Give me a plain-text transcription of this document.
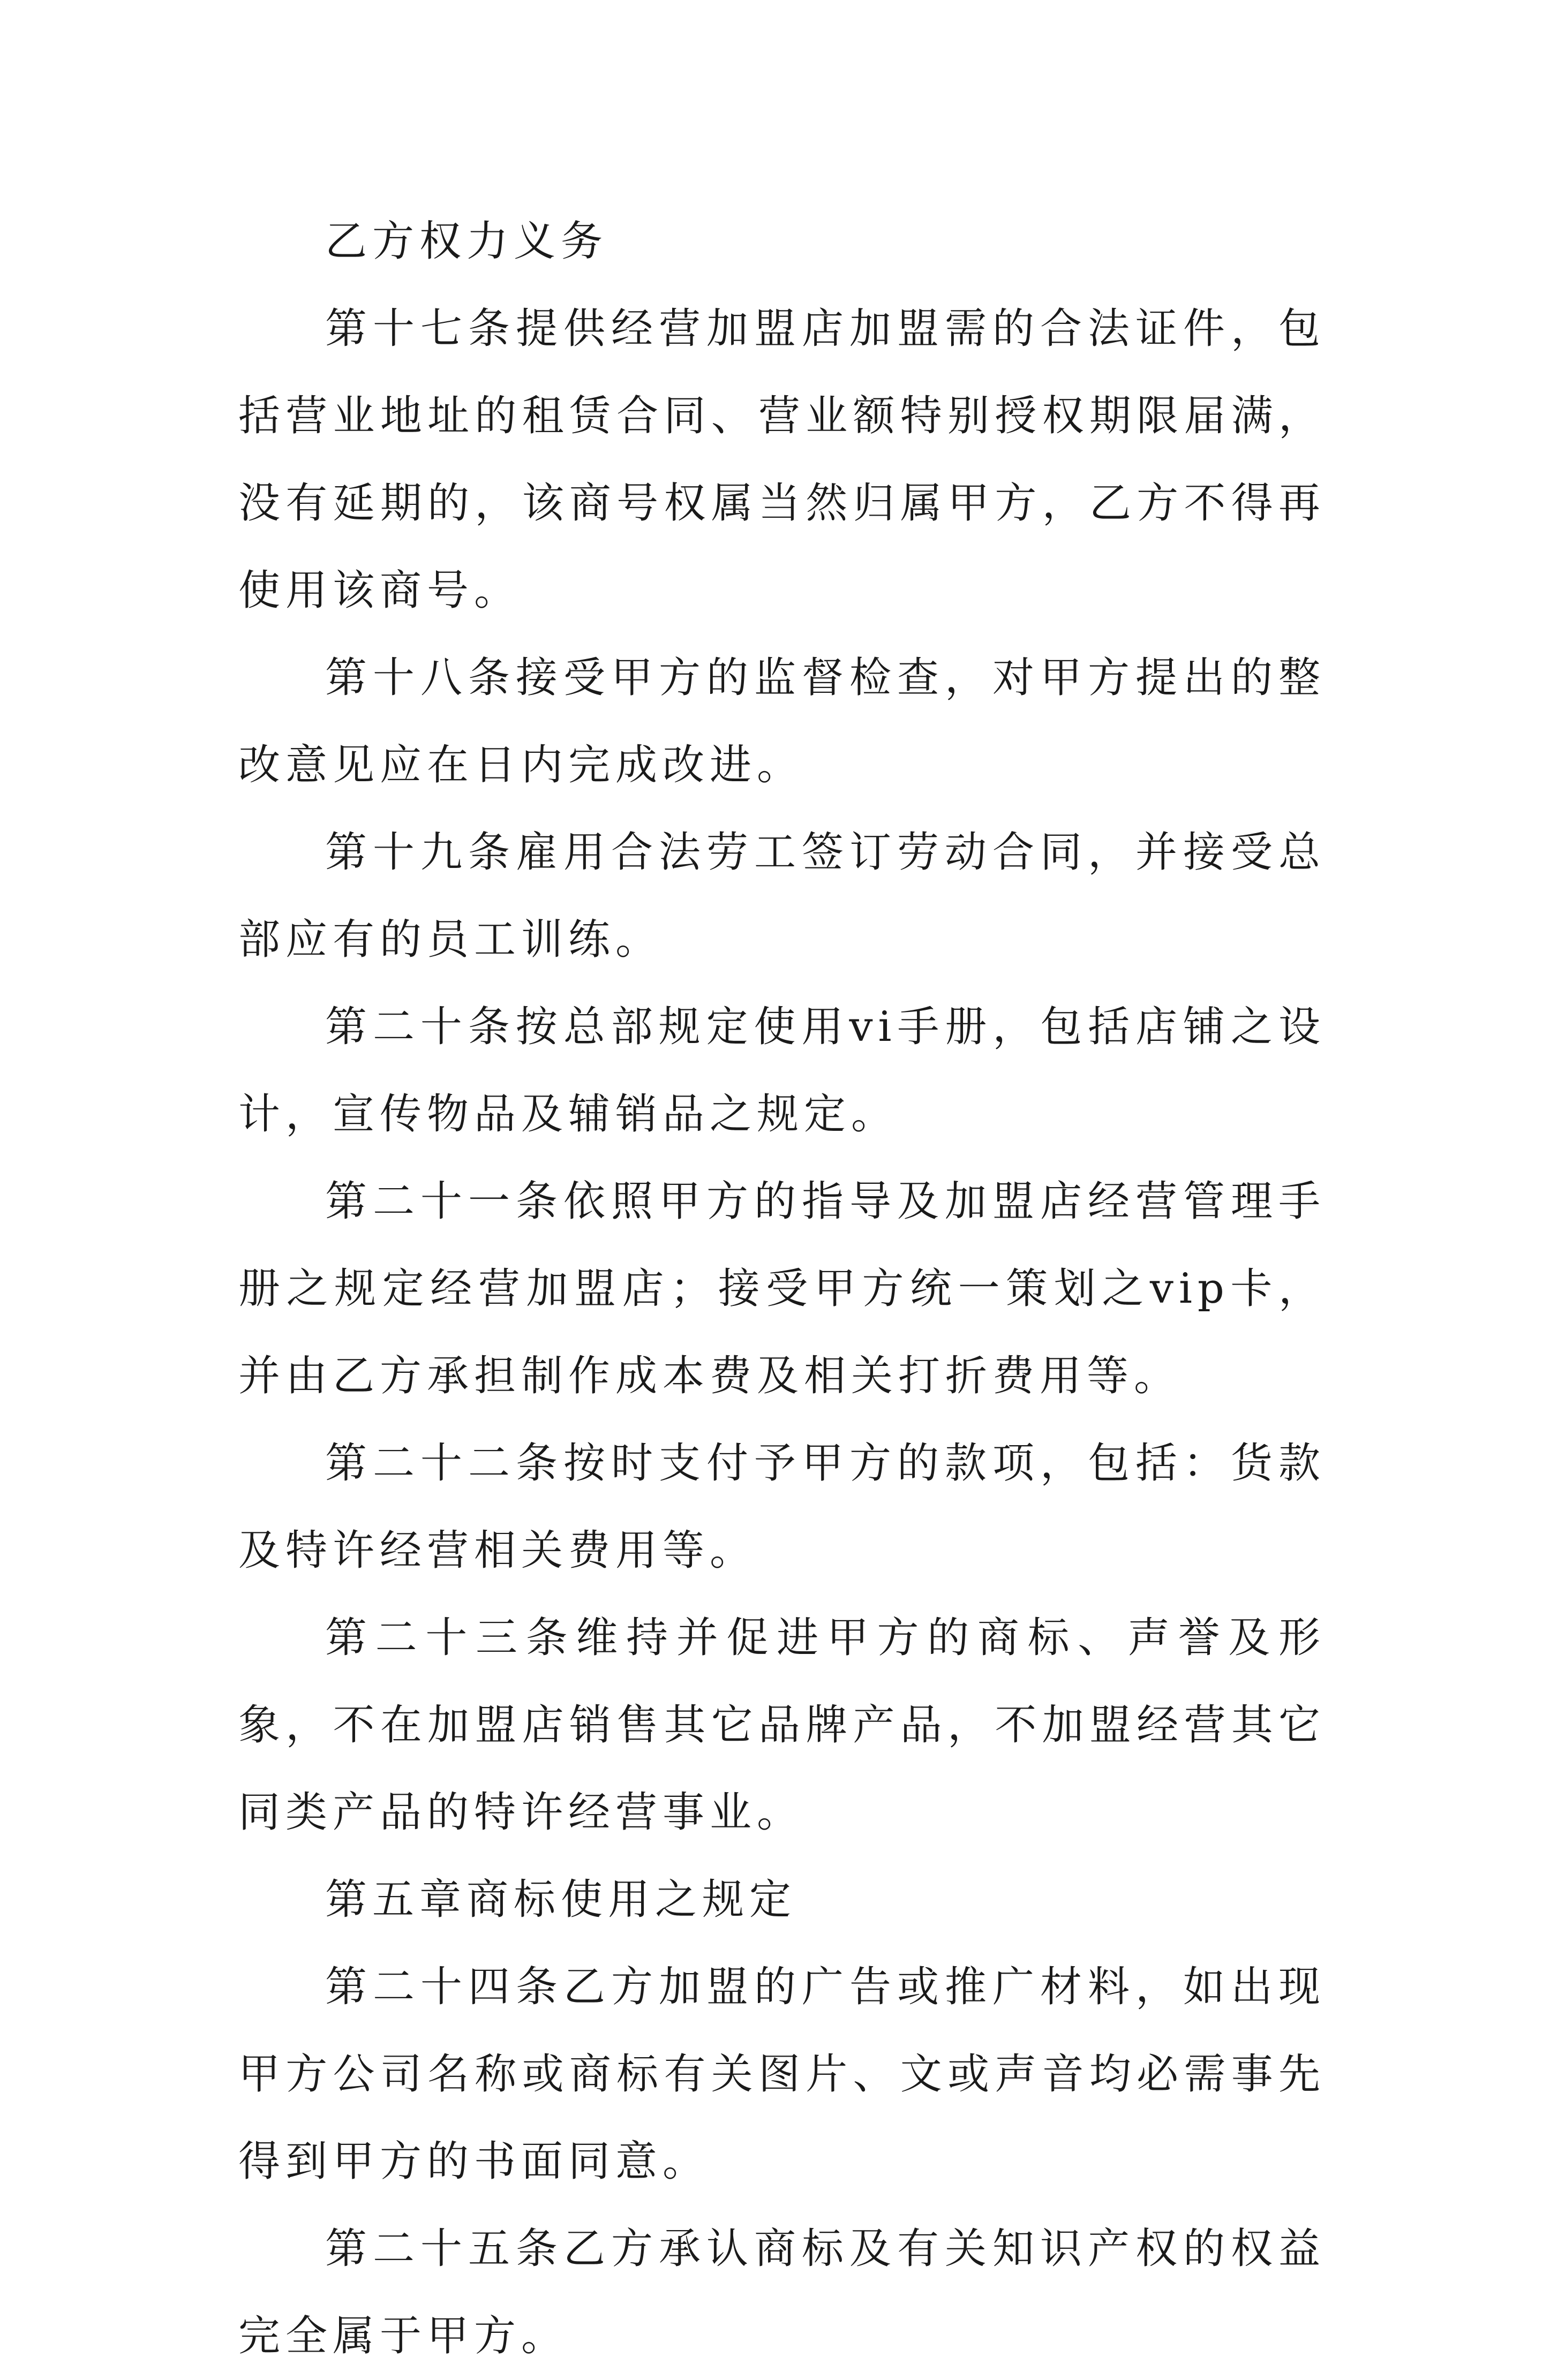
乙方权力义务

第十七条提供经营加盟店加盟需的合法证件，包括营业地址的租赁合同、营业额特别授权期限届满，没有延期的，该商号权属当然归属甲方，乙方不得再使用该商号。

第十八条接受甲方的监督检查，对甲方提出的整改意见应在日内完成改进。

第十九条雇用合法劳工签订劳动合同，并接受总部应有的员工训练。

第二十条按总部规定使用vi手册，包括店铺之设计，宣传物品及辅销品之规定。

第二十一条依照甲方的指导及加盟店经营管理手册之规定经营加盟店；接受甲方统一策划之vip卡，并由乙方承担制作成本费及相关打折费用等。

第二十二条按时支付予甲方的款项，包括：货款及特许经营相关费用等。

第二十三条维持并促进甲方的商标、声誉及形象，不在加盟店销售其它品牌产品，不加盟经营其它同类产品的特许经营事业。

第五章商标使用之规定

第二十四条乙方加盟的广告或推广材料，如出现甲方公司名称或商标有关图片、文或声音均必需事先得到甲方的书面同意。

第二十五条乙方承认商标及有关知识产权的权益完全属于甲方。
